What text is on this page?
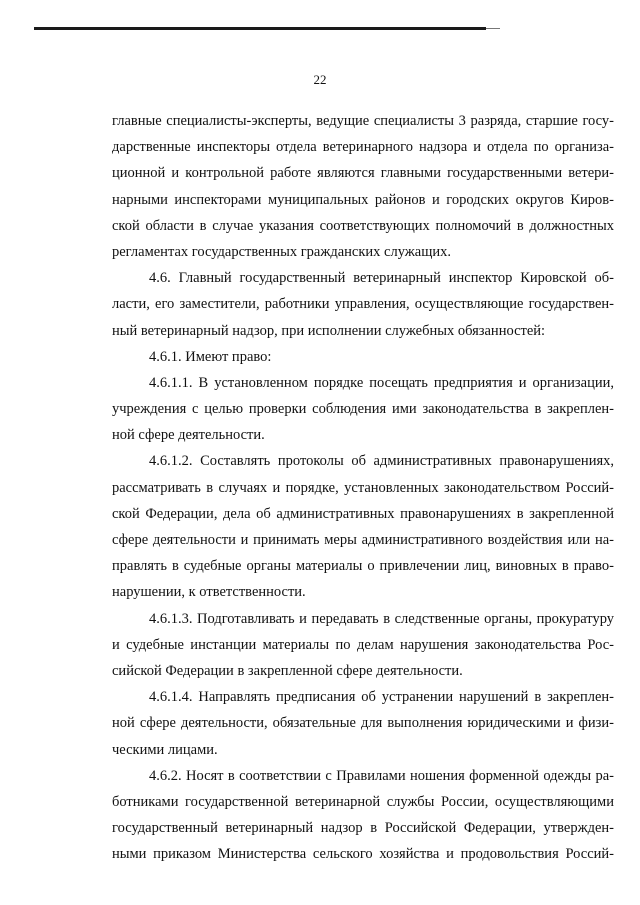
22
главные специалисты-эксперты, ведущие специалисты 3 разряда, старшие госу-
дарственные инспекторы отдела ветеринарного надзора и отдела по организа-
ционной и контрольной работе являются главными государственными ветери-
нарными инспекторами муниципальных районов и городских округов Киров-
ской области в случае указания соответствующих полномочий в должностных
регламентах государственных гражданских служащих.
4.6. Главный государственный ветеринарный инспектор Кировской об-
ласти, его заместители, работники управления, осуществляющие государствен-
ный ветеринарный надзор, при исполнении служебных обязанностей:
4.6.1. Имеют право:
4.6.1.1. В установленном порядке посещать предприятия и организации,
учреждения с целью проверки соблюдения ими законодательства в закреплен-
ной сфере деятельности.
4.6.1.2. Составлять протоколы об административных правонарушениях,
рассматривать в случаях и порядке, установленных законодательством Россий-
ской Федерации, дела об административных правонарушениях в закрепленной
сфере деятельности и принимать меры административного воздействия или на-
правлять в судебные органы материалы о привлечении лиц, виновных в право-
нарушении, к ответственности.
4.6.1.3. Подготавливать и передавать в следственные органы, прокуратуру
и судебные инстанции материалы по делам нарушения законодательства Рос-
сийской Федерации в закрепленной сфере деятельности.
4.6.1.4. Направлять предписания об устранении нарушений в закреплен-
ной сфере деятельности, обязательные для выполнения юридическими и физи-
ческими лицами.
4.6.2. Носят в соответствии с Правилами ношения форменной одежды ра-
ботниками государственной ветеринарной службы России, осуществляющими
государственный ветеринарный надзор в Российской Федерации, утвержден-
ными приказом Министерства сельского хозяйства и продовольствия Россий-
